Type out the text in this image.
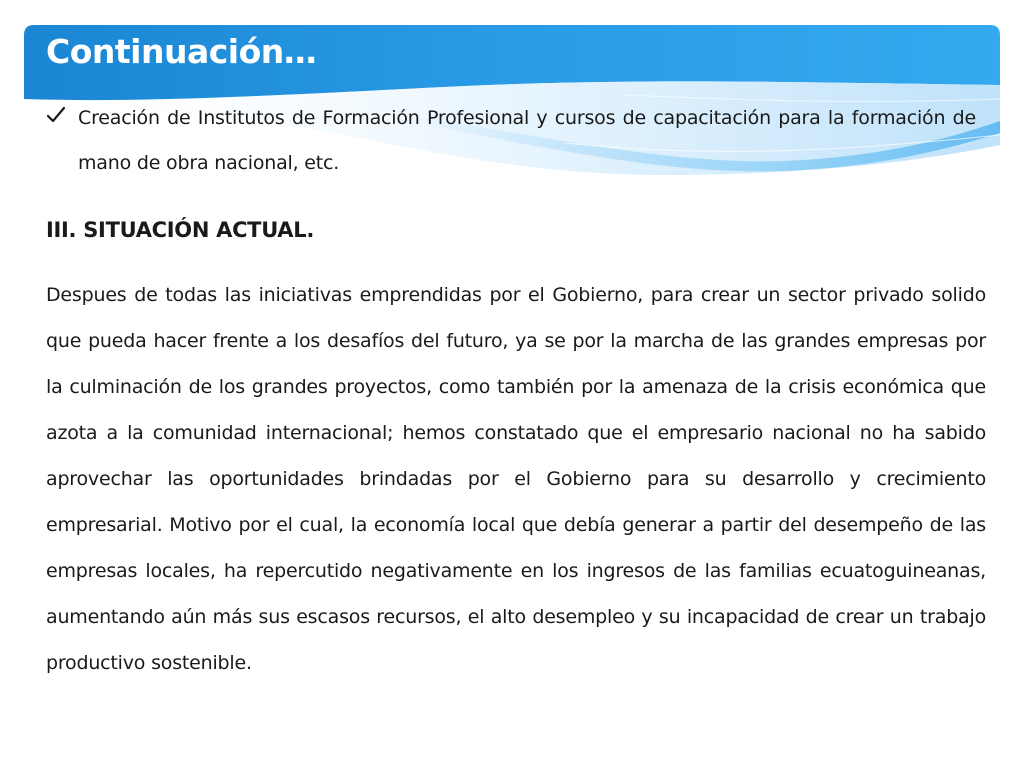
Continuación…

Creación de Institutos de Formación Profesional y cursos de capacitación para la formación de mano de obra nacional, etc.

III. SITUACIÓN ACTUAL.

Despues de todas las iniciativas emprendidas por el Gobierno, para crear un sector privado solido que pueda hacer frente a los desafíos del futuro, ya se por la marcha de las grandes empresas por la culminación de los grandes proyectos, como también por la amenaza de la crisis económica que azota a la comunidad internacional; hemos constatado que el empresario nacional no ha sabido aprovechar las oportunidades brindadas por el Gobierno para su desarrollo y crecimiento empresarial. Motivo por el cual, la economía local que debía generar a partir del desempeño de las empresas locales, ha repercutido negativamente en los ingresos de las familias ecuatoguineanas, aumentando aún más sus escasos recursos, el alto desempleo y su incapacidad de crear un trabajo productivo sostenible.
